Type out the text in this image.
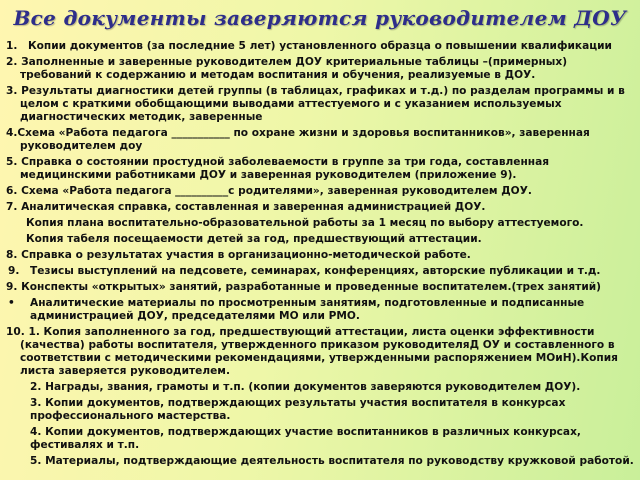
Все документы заверяются руководителем ДОУ
1. Копии документов (за последние 5 лет) установленного образца о повышении квалификации
2. Заполненные и заверенные руководителем ДОУ критериальные таблицы –(примерных) требований к содержанию и методам воспитания и обучения, реализуемые в ДОУ.
3. Результаты диагностики детей группы (в таблицах, графиках и т.д.) по разделам программы и в целом с краткими обобщающими выводами аттестуемого и с указанием используемых диагностических методик, заверенные
4.Схема «Работа педагога ___________ по охране жизни и здоровья воспитанников», заверенная руководителем доу
5. Справка о состоянии простудной заболеваемости в группе за три года, составленная медицинскими работниками ДОУ и заверенная руководителем (приложение 9).
6. Схема «Работа педагога __________с родителями», заверенная руководителем ДОУ.
7. Аналитическая справка, составленная и заверенная администрацией ДОУ.
Копия плана воспитательно-образовательной работы за 1 месяц по выбору аттестуемого.
Копия табеля посещаемости детей за год, предшествующий аттестации.
8. Справка о результатах участия в организационно-методической работе.
9. Тезисы выступлений на педсовете, семинарах, конференциях, авторские публикации и т.д.
9. Конспекты «открытых» занятий, разработанные и проведенные воспитателем.(трех занятий)
• Аналитические материалы по просмотренным занятиям, подготовленные и подписанные администрацией ДОУ, председателями МО или РМО.
10. 1. Копия заполненного за год, предшествующий аттестации, листа оценки эффективности (качества) работы воспитателя, утвержденного приказом руководителяД ОУ и составленного в соответствии с методическими рекомендациями, утвержденными распоряжением МОиН).Копия листа заверяется руководителем.
2. Награды, звания, грамоты и т.п. (копии документов заверяются руководителем ДОУ).
3. Копии документов, подтверждающих результаты участия воспитателя в конкурсах профессионального мастерства.
4. Копии документов, подтверждающих участие воспитанников в различных конкурсах, фестивалях и т.п.
5. Материалы, подтверждающие деятельность воспитателя по руководству кружковой работой.
